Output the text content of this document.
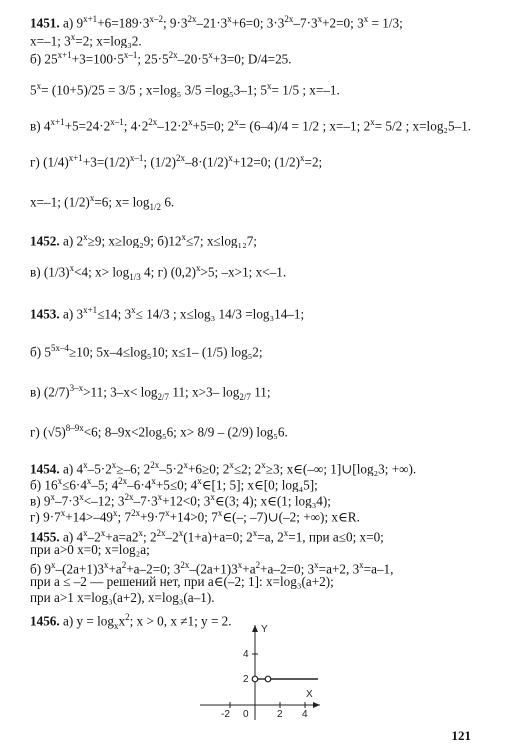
1451. а) $9^{x+1}+6=189\cdot 3^{x-2}$; $9\cdot 3^{2x}-21\cdot 3^x+6=0$; $3\cdot 3^{2x}-7\cdot 3^x+2=0$; $3^x = 1/3$;
x=–1; $3^x=2$; x=log₃2.
б) $25^{x+1}+3=100\cdot 5^{x-1}$; $25\cdot 5^{2x}-20\cdot 5^x+3=0$; D/4=25.
$5^x= (10+5)/25 = 3/5$ ; x=log₅ 3/5 =log₅3–1; $5^x= 1/5$ ; x=–1.
в) $4^{x+1}+5=24\cdot 2^{x-1}$; $4\cdot 2^{2x}-12\cdot 2^x+5=0$; $2^x= (6-4)/4 = 1/2$ ; x=–1; $2^x= 5/2$ ; x=log₂5–1.
г) $(1/4)^{x+1}+3=(1/2)^{x-1}$; $(1/2)^{2x}-8\cdot(1/2)^x+12=0$; $(1/2)^x=2$;
x=–1; $(1/2)^x=6$; $x= \log_{1/2} 6$.
1452. а) $2^x\ge 9$; x≥log₂9; $б)12^x\le 7$; x≤log₁₂7;
в) $(1/3)^x<4$; $x> \log_{1/3} 4$; г) $(0,2)^x>5$; –x>1; x<–1.
1453. а) $3^{x+1}\le 14$; $3^x\le 14/3$ ; x≤log₃ 14/3 =log₃14–1;
б) $5^{5x-4}\ge 10$; 5x–4≤log₅10; x≤1– (1/5) log₅2;
в) $(2/7)^{3-x}>11$; $3-x< \log_{2/7} 11$; x>3– $\log_{2/7} 11$;
г) $(√5)^{8-9x}<6$; 8–9x<2log₅6; x> 8/9 – (2/9) log₅6.
1454. а) $4^x-5\cdot 2^x\ge-6$; $2^{2x}-5\cdot 2^x+6\ge 0$; $2^x\le 2$; $2^x\ge 3$; x∈(–∞; 1]∪[log₂3; +∞).
б) $16^x\le 6\cdot 4^x-5$; $4^{2x}-6\cdot 4^x+5\le 0$; 4$^x$∈[1; 5]; x∈[0; log₄5];
в) $9^x-7\cdot 3^x<-12$; $3^{2x}-7\cdot 3^x+12<0$; 3$^x$∈(3; 4); x∈(1; log₃4);
г) $9\cdot 7^x+14>-49^x$; $7^{2x}+9\cdot 7^x+14>0$; 7$^x$∈(–; –7)∪(–2; +∞); x∈R.
1455. а) $4^x-2^x+a=a2^x$; $2^{2x}-2^x(1+a)+a=0$; $2^x=a$, $2^x=1$, при a≤0; x=0;
при a>0 x=0; x=log₂a;
б) $9^x-(2a+1)3^x+a^2+a-2=0$; $3^{2x}-(2a+1)3^x+a^2+a-2=0$; $3^x=a+2$, $3^x=a-1$,
при a ≤ –2 — решений нет, при a∈(–2; 1]: x=log₃(a+2);
при a>1 x=log₃(a+2), x=log₃(a–1).
1456. а) $y = \log_xx^2$; x > 0, x ≠1; y = 2.
Y
X
4
2
-2 0	2 4
121
